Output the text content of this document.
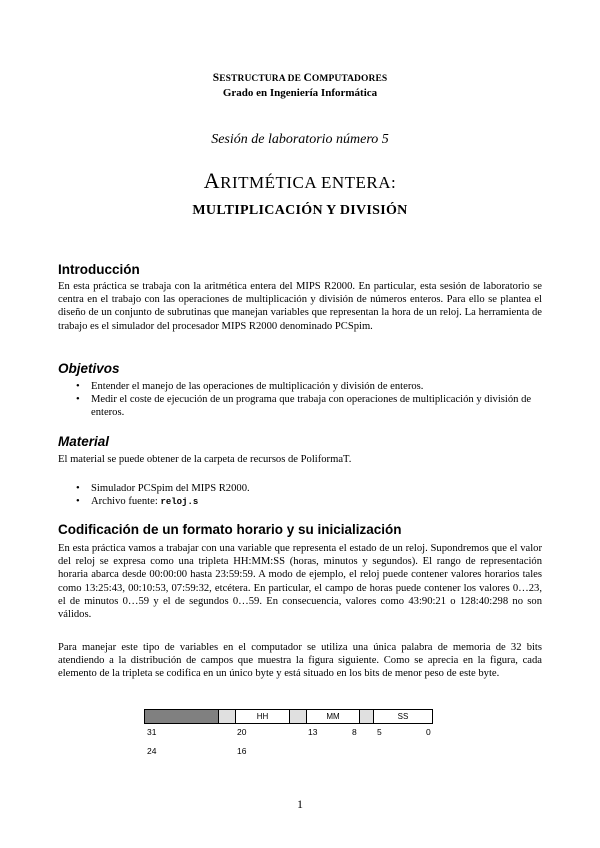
SESTRUCTURA DE COMPUTADORES
Grado en Ingeniería Informática
Sesión de laboratorio número 5
ARITMÉTICA ENTERA:
MULTIPLICACIÓN Y DIVISIÓN
Introducción

En esta práctica se trabaja con la aritmética entera del MIPS R2000. En particular, esta sesión de laboratorio se centra en el trabajo con las operaciones de multiplicación y división de números enteros. Para ello se plantea el diseño de un conjunto de subrutinas que manejan variables que representan la hora de un reloj. La herramienta de trabajo es el simulador del procesador MIPS R2000 denominado PCSpim.

Objetivos
• Entender el manejo de las operaciones de multiplicación y división de enteros.
• Medir el coste de ejecución de un programa que trabaja con operaciones de multiplicación y división de enteros.
Material

El material se puede obtener de la carpeta de recursos de PoliformaT.

• Simulador PCSpim del MIPS R2000.
• Archivo fuente: reloj.s
Codificación de un formato horario y su inicialización

En esta práctica vamos a trabajar con una variable que representa el estado de un reloj. Supondremos que el valor del reloj se expresa como una tripleta HH:MM:SS (horas, minutos y segundos). El rango de representación horaria abarca desde 00:00:00 hasta 23:59:59. A modo de ejemplo, el reloj puede contener valores horarios tales como 13:25:43, 00:10:53, 07:59:32, etcétera. En particular, el campo de horas puede contener los valores 0…23, el de minutos 0…59 y el de segundos 0…59. En consecuencia, valores como 43:90:21 o 128:40:298 no son válidos.

Para manejar este tipo de variables en el computador se utiliza una única palabra de memoria de 32 bits atendiendo a la distribución de campos que muestra la figura siguiente. Como se aprecia en la figura, cada elemento de la tripleta se codifica en un único byte y está situado en los bits de menor peso de este byte.

HH	MM	SS
31	20	13	8 5	0
24	16
1
